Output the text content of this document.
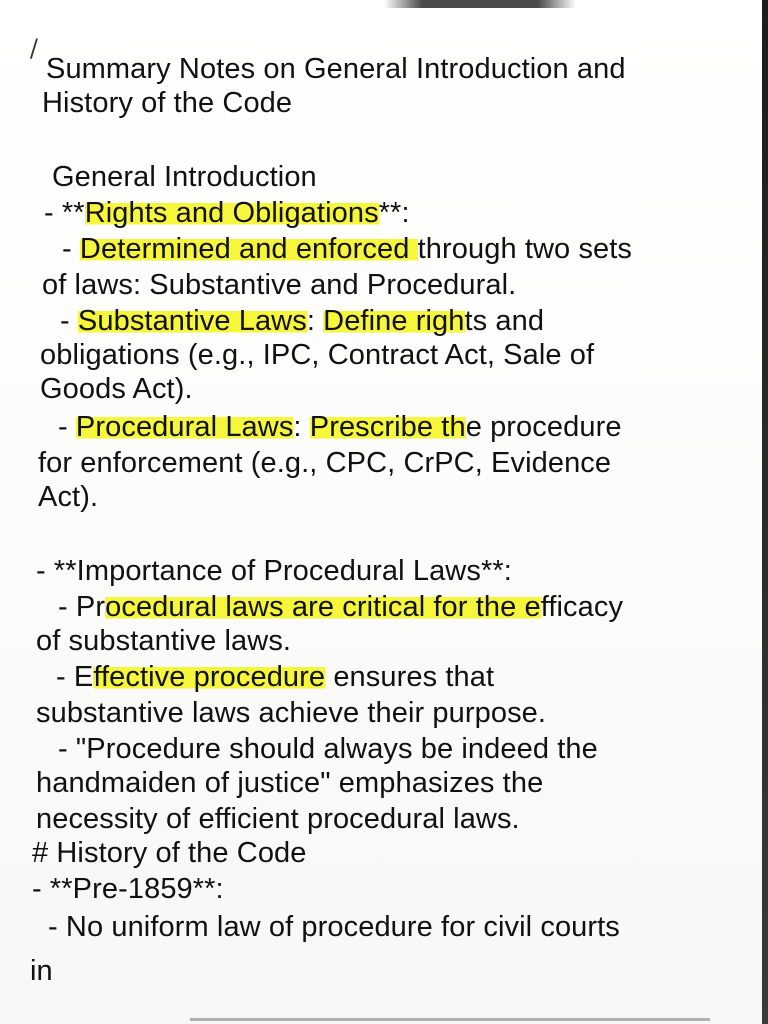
/
Summary Notes on General Introduction and
History of the Code
General Introduction
- **Rights and Obligations**:
- Determined and enforced through two sets
of laws: Substantive and Procedural.
- Substantive Laws: Define rights and
obligations (e.g., IPC, Contract Act, Sale of
Goods Act).
- Procedural Laws: Prescribe the procedure
for enforcement (e.g., CPC, CrPC, Evidence
Act).
- **Importance of Procedural Laws**:
- Procedural laws are critical for the efficacy
of substantive laws.
- Effective procedure ensures that
substantive laws achieve their purpose.
- "Procedure should always be indeed the
handmaiden of justice" emphasizes the
necessity of efficient procedural laws.
# History of the Code
- **Pre-1859**:
- No uniform law of procedure for civil courts
in
